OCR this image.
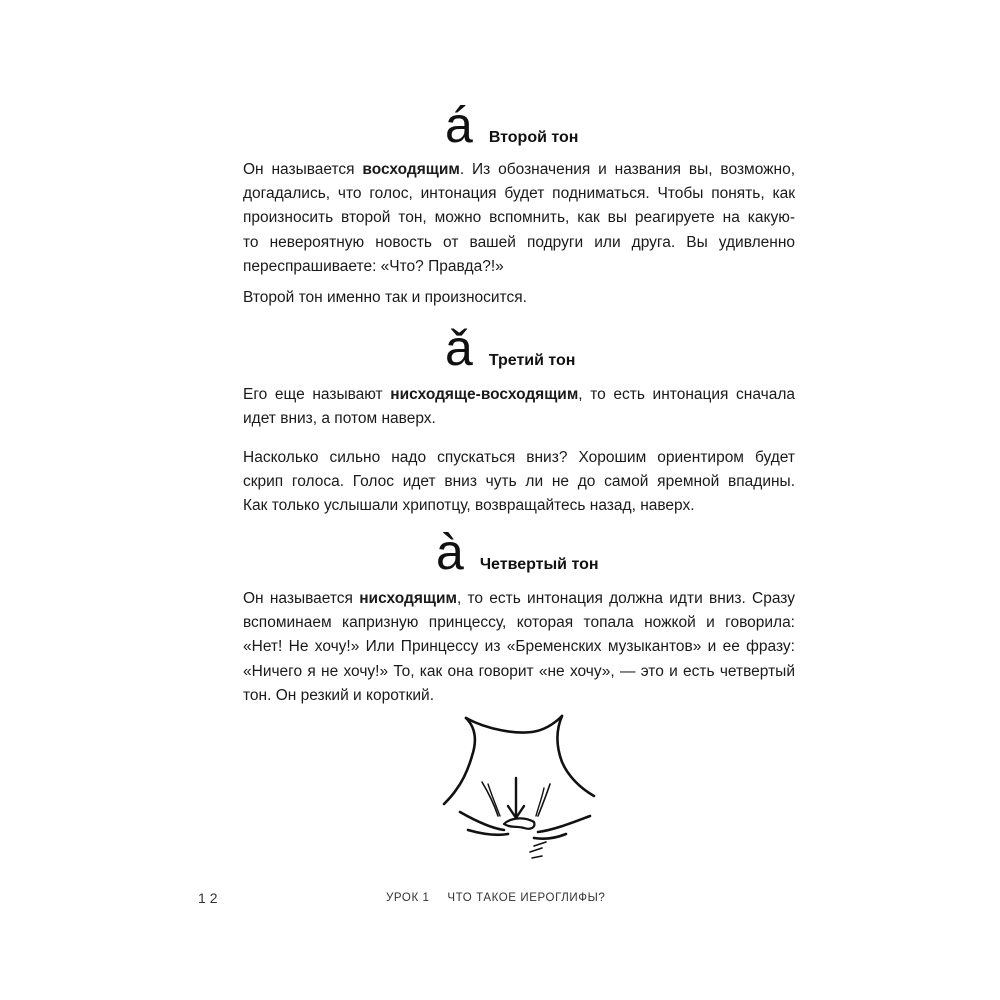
á Второй тон
Он называется восходящим. Из обозначения и названия вы, возможно,
догадались, что голос, интонация будет подниматься. Чтобы понять, как
произносить второй тон, можно вспомнить, как вы реагируете на какую-
то невероятную новость от вашей подруги или друга. Вы удивленно
переспрашиваете: «Что? Правда?!»
Второй тон именно так и произносится.
ǎ Третий тон
Его еще называют нисходяще-восходящим, то есть интонация сначала
идет вниз, а потом наверх.
Насколько сильно надо спускаться вниз? Хорошим ориентиром будет
скрип голоса. Голос идет вниз чуть ли не до самой яремной впадины.
Как только услышали хрипотцу, возвращайтесь назад, наверх.
à Четвертый тон
Он называется нисходящим, то есть интонация должна идти вниз. Сразу
вспоминаем капризную принцессу, которая топала ножкой и говорила:
«Нет! Не хочу!» Или Принцессу из «Бременских музыкантов» и ее фразу:
«Ничего я не хочу!» То, как она говорит «не хочу», — это и есть четвертый
тон. Он резкий и короткий.
12	УРОК 1 ЧТО ТАКОЕ ИЕРОГЛИФЫ?
